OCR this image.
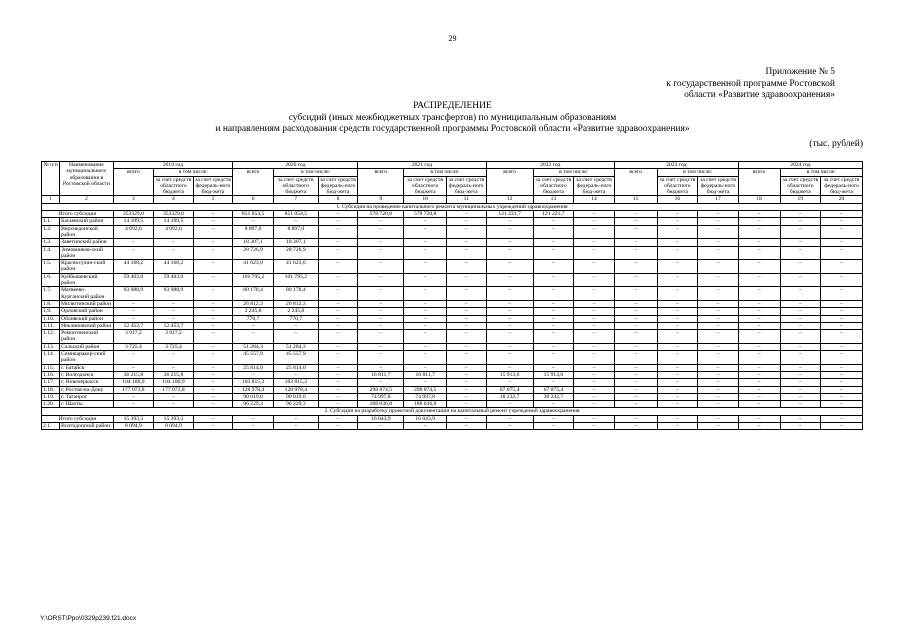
29
Приложение № 5
к государственной программе Ростовской
области «Развитие здравоохранения»
РАСПРЕДЕЛЕНИЕ
субсидий (иных межбюджетных трансфертов) по муниципальным образованиям
и направлениям расходования средств государственной программы Ростовской области «Развитие здравоохранения»
(тыс. рублей)
№ п/п	Наименование муниципального образования в Ростовской области	2019 год			2020 год			2021 год			2022 год			2023 год			2024 год		
		всего	в том числе:		всего	в том числе:		всего	в том числе:		всего	в том числе:		всего	в том числе:		всего	в том числе:	
			за счет средств областного бюджета	за счет средств федераль-ного бюд-жета		за счет средств областного бюджета	за счет средств федераль-ного бюд-жета		за счет средств областного бюджета	за счет средств федераль-ного бюд-жета		за счет средств областного бюджета	за счет средств федераль-ного бюд-жета		за счет средств областного бюджета	за счет средств федераль-ного бюд-жета		за счет средств областного бюджета	за счет средств федераль-ного бюд-жета
1	2	3	4	5	6	7	8	9	10	11	12	13	14	15	16	17	18	19	20
1. Субсидия на проведение капитального ремонта муниципальных учреждений здравоохранения																			
Итого субсидия		353329,0	353329,0	–	851 054,5	851 054,5	–	578 720,8	578 720,8	–	121 221,7	121 221,7	–	–	–	–	–	–	–
1.1.	Багаевский район	14 109,5	14 109,5	–	–	–	–	–	–	–	–	–	–	–	–	–	–	–	–
1.2.	Верхнедонской район	4 092,6	4 092,6	–	8 897,0	8 897,0	–	–	–	–	–	–	–	–	–	–	–	–	–
1.3.	Заветинский район	–	–	–	18 307,1	18 307,1	–	–	–	–	–	–	–	–	–	–	–	–	–
1.4.	Зимовников-ский район	–	–	–	28 726,9	28 726,9	–	–	–	–	–	–	–	–	–	–	–	–	–
1.5.	Красносулин-ский район	44 168,2	44 168,2	–	41 623,0	41 623,0	–	–	–	–	–	–	–	–	–	–	–	–	–
1.6.	Куйбышевский район	59 403,0	59 403,0	–	101 795,2	101 795,2	–	–	–	–	–	–	–	–	–	–	–	–	–
1.7.	Матвеево-Курганский район	93 988,9	93 988,9	–	80 178,4	80 178,4	–	–	–	–	–	–	–	–	–	–	–	–	–
1.8.	Милютинский район	–	–	–	26 812,3	26 812,3	–	–	–	–	–	–	–	–	–	–	–	–	–
1.9.	Орловский район	–	–	–	2 245,8	2 245,8	–	–	–	–	–	–	–	–	–	–	–	–	–
1.10.	Обливский район	–	–	–	770,7	770,7	–	–	–	–	–	–	–	–	–	–	–	–	–
1.11.	Неклиновский район	12 453,7	12 453,7	–	–	–	–	–	–	–	–	–	–	–	–	–	–	–	–
1.12.	Ремонтненский район	3 917,2	3 917,2	–	–	–	–	–	–	–	–	–	–	–	–	–	–	–	–
1.13.	Сальский район	3 725,4	3 725,4	–	51 284,3	51 284,3	–	–	–	–	–	–	–	–	–	–	–	–	–
1.14.	Семикаракор-ский район	–	–	–	45 557,9	45 557,9	–	–	–	–	–	–	–	–	–	–	–	–	–
1.15.	г. Батайск	–	–	–	25 814,0	25 814,0	–	–	–	–	–	–	–	–	–	–	–	–	–
1.16.	г. Волгодонск	36 215,8	36 215,8	–	–	–	–	16 811,7	16 811,7	–	15 913,6	15 913,6	–	–	–	–	–	–	–
1.17.	г. Новочеркасск	104 180,9	104 180,9	–	103 815,2	103 815,2	–	–	–	–	–	–	–	–	–	–	–	–	–
1.18.	г. Ростов-на-Дону	177 073,8	177 073,8	–	128 978,4	128 978,4	–	298 874,5	298 874,5	–	67 075,4	67 075,4	–	–	–	–	–	–	–
1.19.	г. Таганрог	–	–	–	90 019,0	90 019,0	–	74 997,8	74 997,8	–	38 232,7	38 232,7	–	–	–	–	–	–	–
1.20.	г. Шахты	–	–	–	96 229,3	96 229,3	–	188 036,8	188 036,8	–	–	–	–	–	–	–	–	–	–
2. Субсидия на разработку проектной документации на капитальный ремонт учреждений здравоохранения																			
Итого субсидия		15 393,3	15 393,3	–	–	–	–	16 043,9	16 043,9	–	–	–	–	–	–	–	–	–	–
2.1.	Волгодонской район	8 094,9	8 094,9	–	–	–	–	–	–	–	–	–	–	–	–	–	–	–	–
Y:\ORST\Ppo\0329p239.f21.docx
